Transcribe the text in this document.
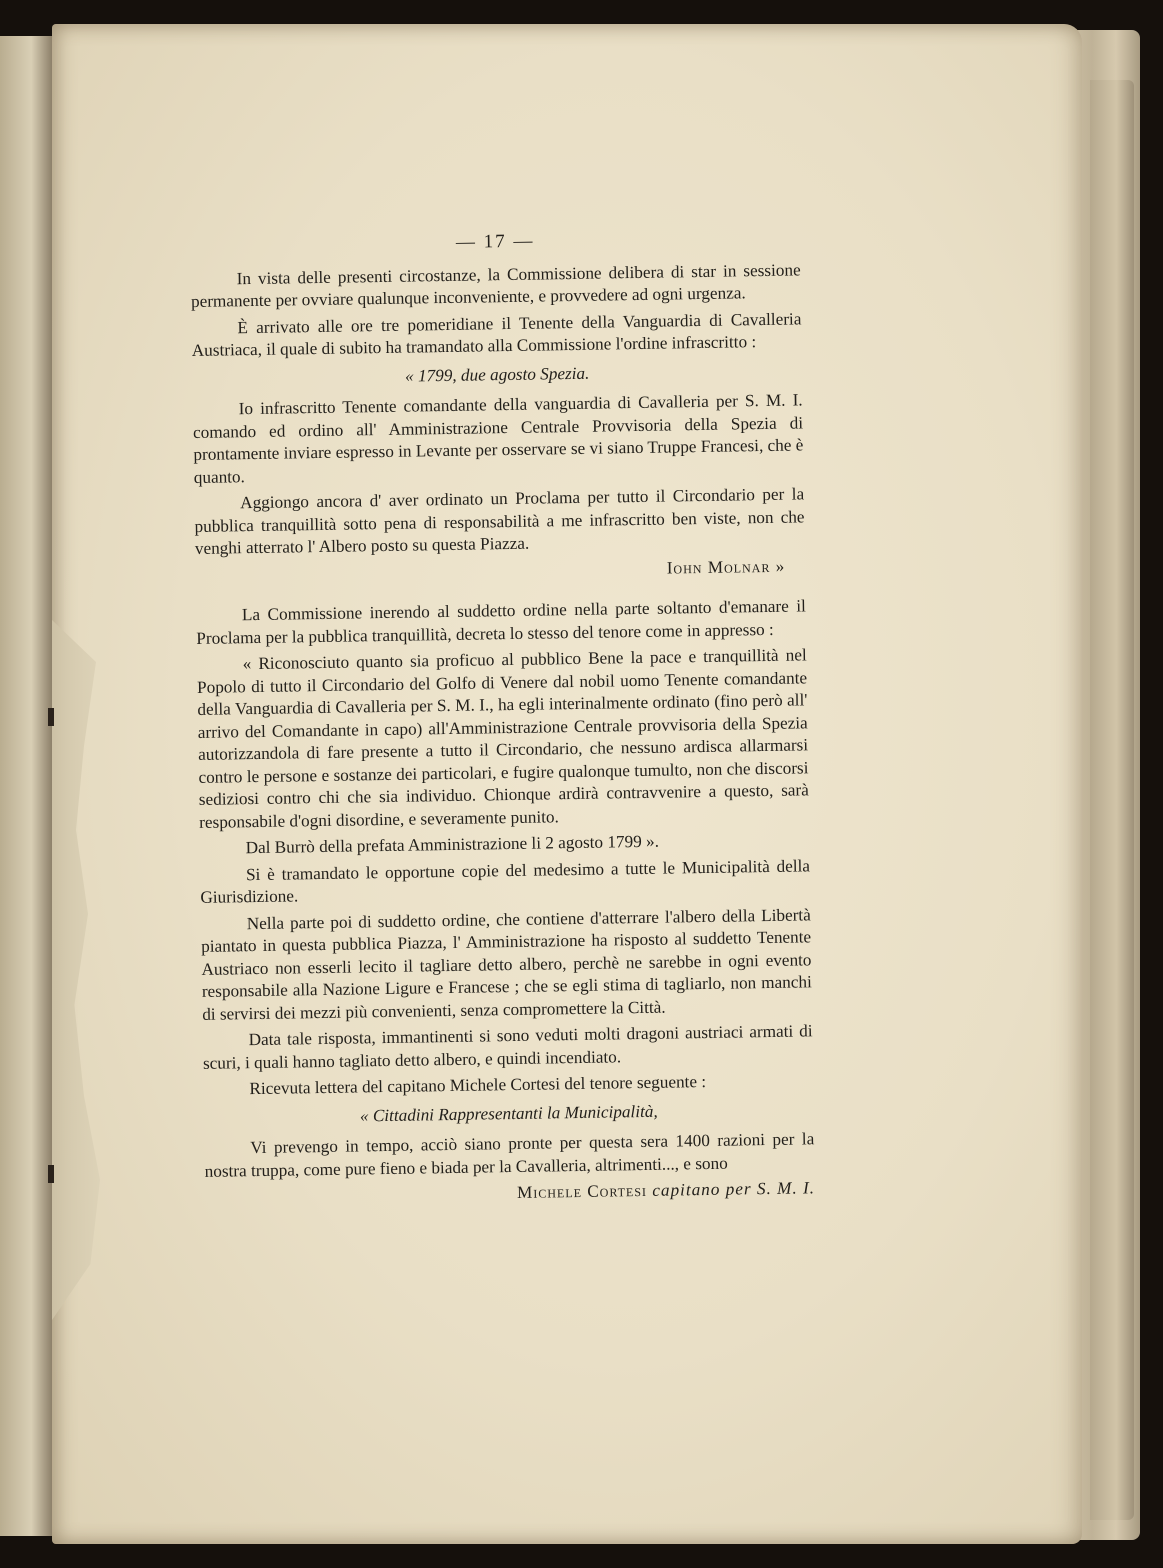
— 17 —

In vista delle presenti circostanze, la Commissione delibera di star in sessione permanente per ovviare qualunque inconveniente, e provvedere ad ogni urgenza.

È arrivato alle ore tre pomeridiane il Tenente della Vanguardia di Cavalleria Austriaca, il quale di subito ha tramandato alla Commissione l'ordine infrascritto :

« 1799, due agosto Spezia.

Io infrascritto Tenente comandante della vanguardia di Cavalleria per S. M. I. comando ed ordino all' Amministrazione Centrale Provvisoria della Spezia di prontamente inviare espresso in Levante per osservare se vi siano Truppe Francesi, che è quanto.

Aggiongo ancora d' aver ordinato un Proclama per tutto il Circondario per la pubblica tranquillità sotto pena di responsabilità a me infrascritto ben viste, non che venghi atterrato l' Albero posto su questa Piazza.

Iohn Molnar »

La Commissione inerendo al suddetto ordine nella parte soltanto d'emanare il Proclama per la pubblica tranquillità, decreta lo stesso del tenore come in appresso :

« Riconosciuto quanto sia proficuo al pubblico Bene la pace e tranquillità nel Popolo di tutto il Circondario del Golfo di Venere dal nobil uomo Tenente comandante della Vanguardia di Cavalleria per S. M. I., ha egli interinalmente ordinato (fino però all' arrivo del Comandante in capo) all'Amministrazione Centrale provvisoria della Spezia autorizzandola di fare presente a tutto il Circondario, che nessuno ardisca allarmarsi contro le persone e sostanze dei particolari, e fugire qualonque tumulto, non che discorsi sediziosi contro chi che sia individuo. Chionque ardirà contravvenire a questo, sarà responsabile d'ogni disordine, e severamente punito.

Dal Burrò della prefata Amministrazione li 2 agosto 1799 ».

Si è tramandato le opportune copie del medesimo a tutte le Municipalità della Giurisdizione.

Nella parte poi di suddetto ordine, che contiene d'atterrare l'albero della Libertà piantato in questa pubblica Piazza, l' Amministrazione ha risposto al suddetto Tenente Austriaco non esserli lecito il tagliare detto albero, perchè ne sarebbe in ogni evento responsabile alla Nazione Ligure e Francese ; che se egli stima di tagliarlo, non manchi di servirsi dei mezzi più convenienti, senza compromettere la Città.

Data tale risposta, immantinenti si sono veduti molti dragoni austriaci armati di scuri, i quali hanno tagliato detto albero, e quindi incendiato.

Ricevuta lettera del capitano Michele Cortesi del tenore seguente :

« Cittadini Rappresentanti la Municipalità,

Vi prevengo in tempo, acciò siano pronte per questa sera 1400 razioni per la nostra truppa, come pure fieno e biada per la Cavalleria, altrimenti..., e sono

Michele Cortesi capitano per S. M. I.
